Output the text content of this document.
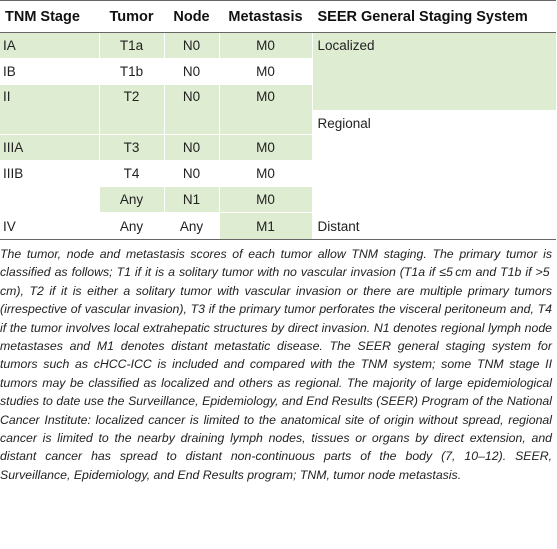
TNM Stage	Tumor	Node	Metastasis	SEER General Staging System
IA	T1a	N0	M0	Localized
IB	T1b	N0	M0	
II	T2	N0	M0	
				Regional
IIIA	T3	N0	M0	
IIIB	T4	N0	M0	
	Any	N1	M0	
IV	Any	Any	M1	Distant
The tumor, node and metastasis scores of each tumor allow TNM staging. The primary tumor is classified as follows; T1 if it is a solitary tumor with no vascular invasion (T1a if ≤5 cm and T1b if >5 cm), T2 if it is either a solitary tumor with vascular invasion or there are multiple primary tumors (irrespective of vascular invasion), T3 if the primary tumor perforates the visceral peritoneum and, T4 if the tumor involves local extrahepatic structures by direct invasion. N1 denotes regional lymph node metastases and M1 denotes distant metastatic disease. The SEER general staging system for tumors such as cHCC-ICC is included and compared with the TNM system; some TNM stage II tumors may be classified as localized and others as regional. The majority of large epidemiological studies to date use the Surveillance, Epidemiology, and End Results (SEER) Program of the National Cancer Institute: localized cancer is limited to the anatomical site of origin without spread, regional cancer is limited to the nearby draining lymph nodes, tissues or organs by direct extension, and distant cancer has spread to distant non-continuous parts of the body (7, 10–12). SEER, Surveillance, Epidemiology, and End Results program; TNM, tumor node metastasis.
